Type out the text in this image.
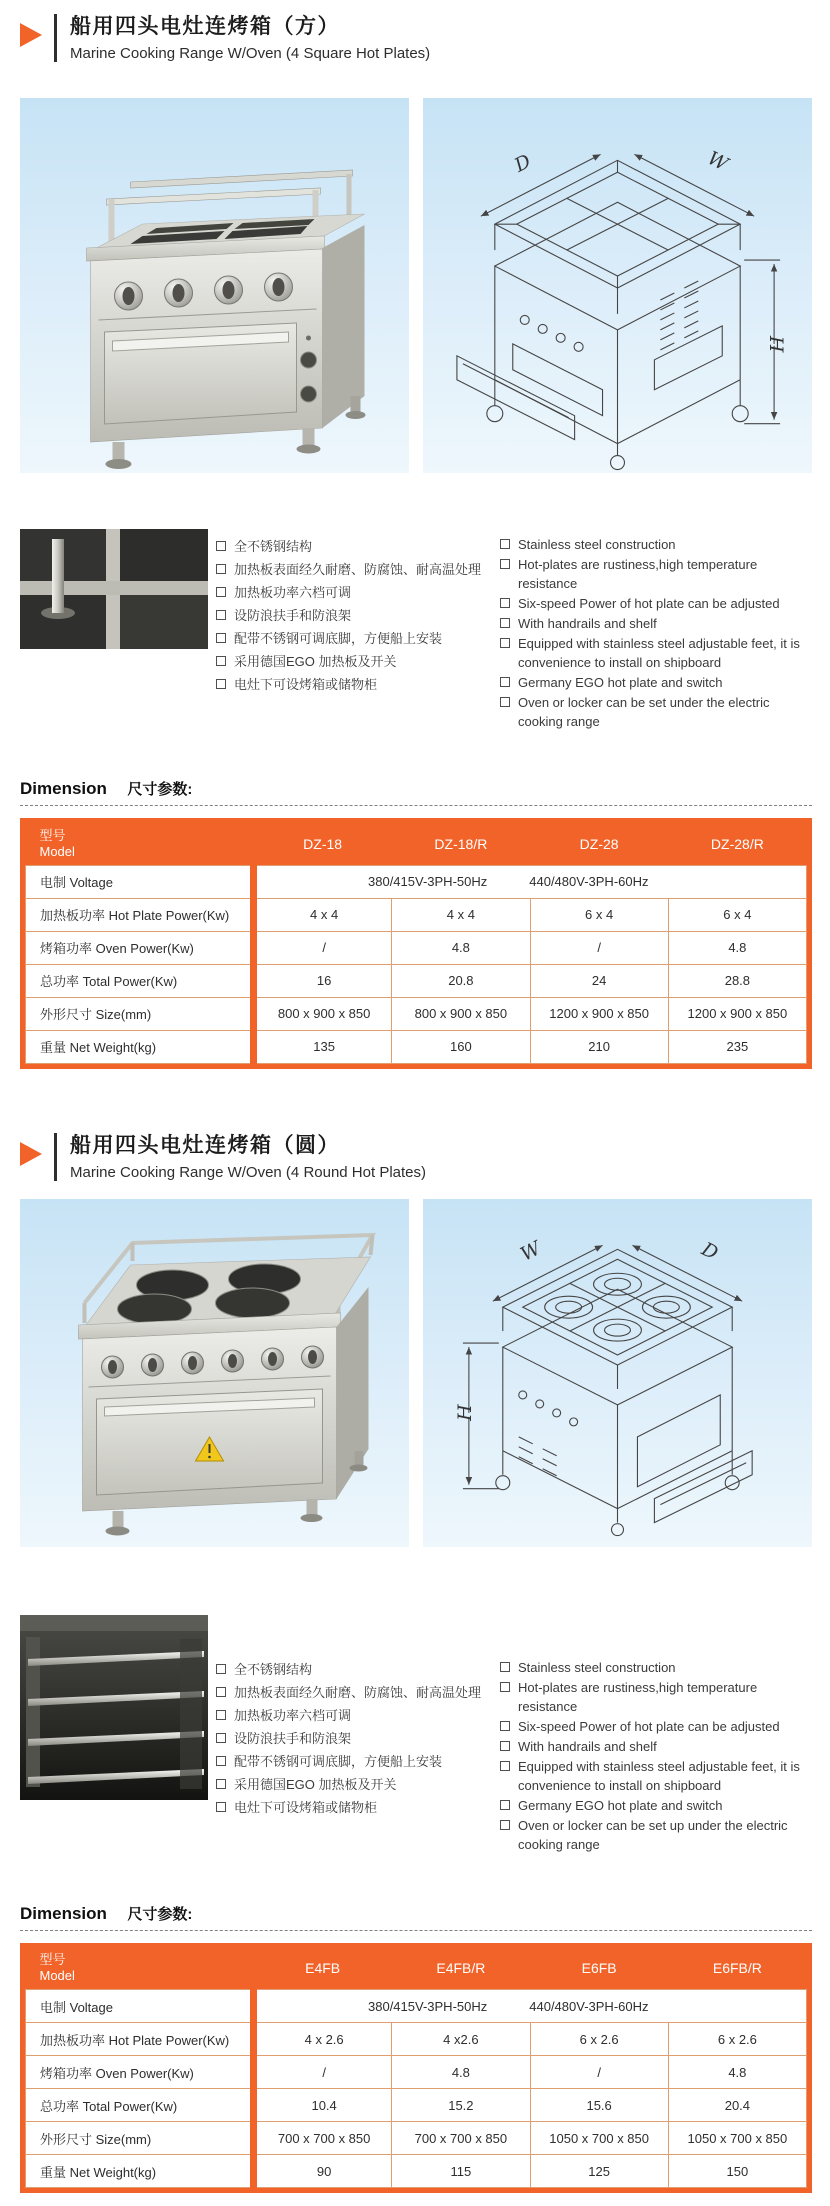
船用四头电灶连烤箱（方）
Marine Cooking Range W/Oven (4 Square Hot Plates)
D	W
H
全不锈钢结构
加热板表面经久耐磨、防腐蚀、耐高温处理
加热板功率六档可调
设防浪扶手和防浪架
配带不锈钢可调底脚，方便船上安装
采用德国EGO 加热板及开关
电灶下可设烤箱或储物柜
Stainless steel construction
Hot-plates are rustiness,high temperature resistance
Six-speed Power of hot plate can be adjusted
With handrails and shelf
Equipped with stainless steel adjustable feet, it is convenience to install on shipboard
Germany EGO hot plate and switch
Oven or locker can be set under the electric cooking range
Dimension 尺寸参数:
型号
Model	DZ-18	DZ-18/R	DZ-28	DZ-28/R
电制 Voltage	380/415V-3PH-50Hz 440/480V-3PH-60Hz			

加热板功率 Hot Plate Power(Kw)	4 x 4	4 x 4	6 x 4	6 x 4
烤箱功率 Oven Power(Kw)	/	4.8	/	4.8
总功率 Total Power(Kw)	16	20.8	24	28.8
外形尺寸 Size(mm)	800 x 900 x 850	800 x 900 x 850	1200 x 900 x 850	1200 x 900 x 850
重量 Net Weight(kg)	135	160	210	235
船用四头电灶连烤箱（圆）
Marine Cooking Range W/Oven (4 Round Hot Plates)
W	D
H
全不锈钢结构
加热板表面经久耐磨、防腐蚀、耐高温处理
加热板功率六档可调
设防浪扶手和防浪架
配带不锈钢可调底脚，方便船上安装
采用德国EGO 加热板及开关
电灶下可设烤箱或储物柜
Stainless steel construction
Hot-plates are rustiness,high temperature resistance
Six-speed Power of hot plate can be adjusted
With handrails and shelf
Equipped with stainless steel adjustable feet, it is convenience to install on shipboard
Germany EGO hot plate and switch
Oven or locker can be set up under the electric cooking range
Dimension 尺寸参数:
型号
Model	E4FB	E4FB/R	E6FB	E6FB/R
电制 Voltage	380/415V-3PH-50Hz 440/480V-3PH-60Hz			

加热板功率 Hot Plate Power(Kw)	4 x 2.6	4 x2.6	6 x 2.6	6 x 2.6
烤箱功率 Oven Power(Kw)	/	4.8	/	4.8
总功率 Total Power(Kw)	10.4	15.2	15.6	20.4
外形尺寸 Size(mm)	700 x 700 x 850	700 x 700 x 850	1050 x 700 x 850	1050 x 700 x 850
重量 Net Weight(kg)	90	115	125	150
